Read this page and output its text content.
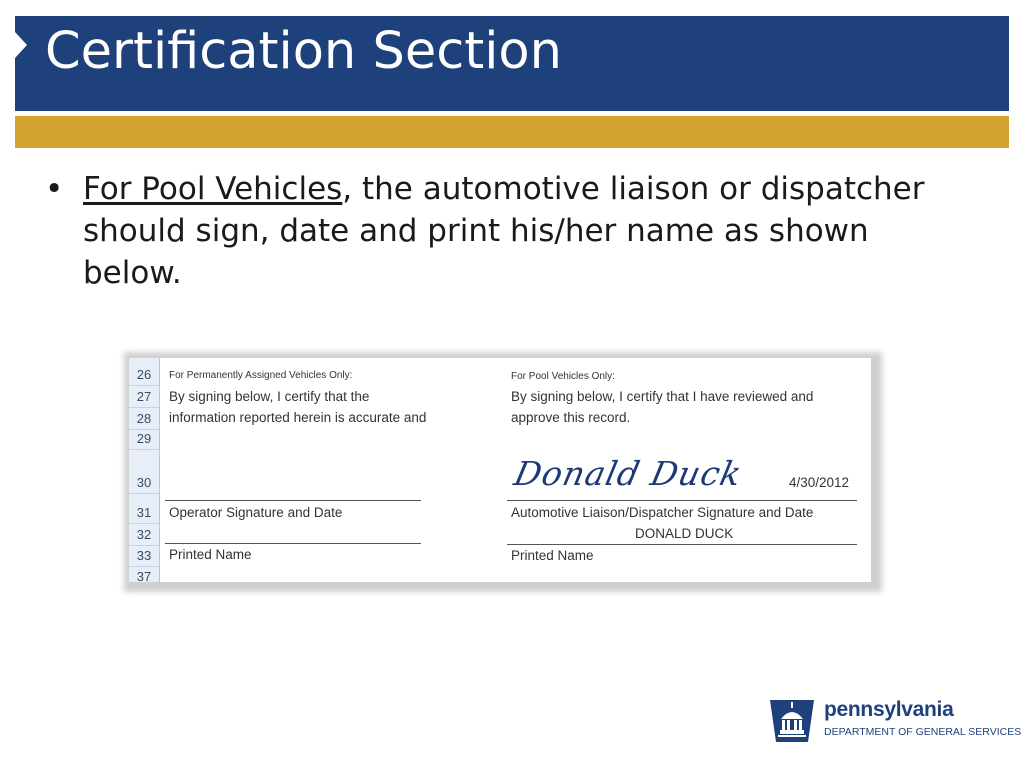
Certification Section
• For Pool Vehicles, the automotive liaison or dispatcher should sign, date and print his/her name as shown below.
26
27
28
29
30
31
32
33
37
For Permanently Assigned Vehicles Only:
By signing below, I certify that the
information reported herein is accurate and
Operator Signature and Date
Printed Name
For Pool Vehicles Only:
By signing below, I certify that I have reviewed and
approve this record.
Donald Duck	4/30/2012
Automotive Liaison/Dispatcher Signature and Date
DONALD DUCK
Printed Name
pennsylvania
DEPARTMENT OF GENERAL SERVICES
